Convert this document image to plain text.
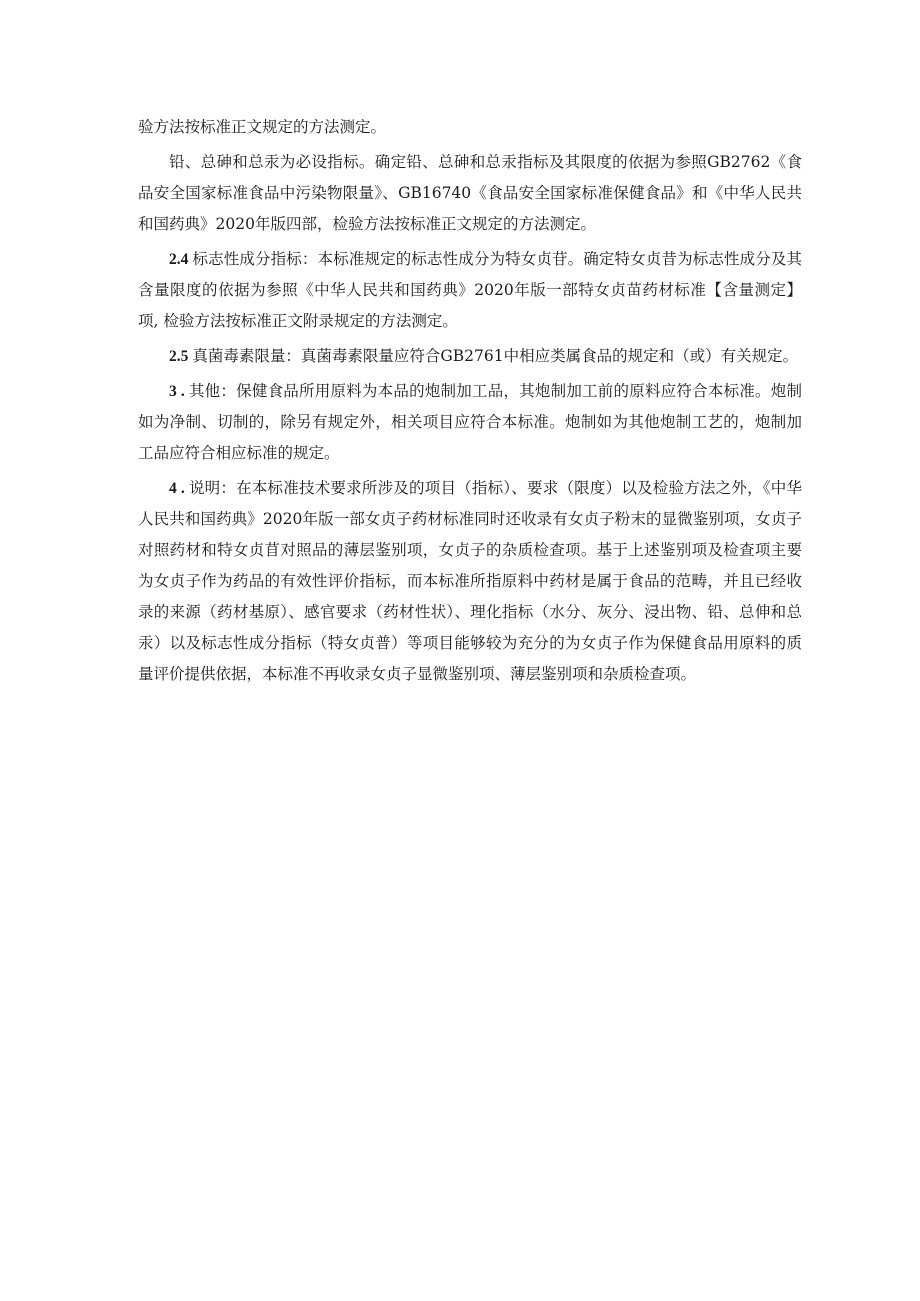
验方法按标准正文规定的方法测定。

铅、总砷和总汞为必设指标。确定铅、总砷和总汞指标及其限度的依据为参照GB2762《食品安全国家标准食品中污染物限量》、GB16740《食品安全国家标准保健食品》和《中华人民共和国药典》2020年版四部，检验方法按标准正文规定的方法测定。

2.4 标志性成分指标：本标准规定的标志性成分为特女贞苷。确定特女贞昔为标志性成分及其含量限度的依据为参照《中华人民共和国药典》2020年版一部特女贞苗药材标准【含量测定】项, 检验方法按标准正文附录规定的方法测定。

2.5 真菌毒素限量：真菌毒素限量应符合GB2761中相应类属食品的规定和（或）有关规定。

3 . 其他：保健食品所用原料为本品的炮制加工品，其炮制加工前的原料应符合本标准。炮制如为净制、切制的，除另有规定外，相关项目应符合本标准。炮制如为其他炮制工艺的，炮制加工品应符合相应标准的规定。

4 . 说明：在本标准技术要求所涉及的项目（指标）、要求（限度）以及检验方法之外，《中华人民共和国药典》2020年版一部女贞子药材标准同时还收录有女贞子粉末的显微鉴别项，女贞子对照药材和特女贞苜对照品的薄层鉴别项，女贞子的杂质检查项。基于上述鉴别项及检查项主要为女贞子作为药品的有效性评价指标，而本标准所指原料中药材是属于食品的范畴，并且已经收录的来源（药材基原）、感官要求（药材性状）、理化指标（水分、灰分、浸出物、铅、总伸和总汞）以及标志性成分指标（特女贞普）等项目能够较为充分的为女贞子作为保健食品用原料的质量评价提供依据，本标准不再收录女贞子显微鉴别项、薄层鉴别项和杂质检查项。
